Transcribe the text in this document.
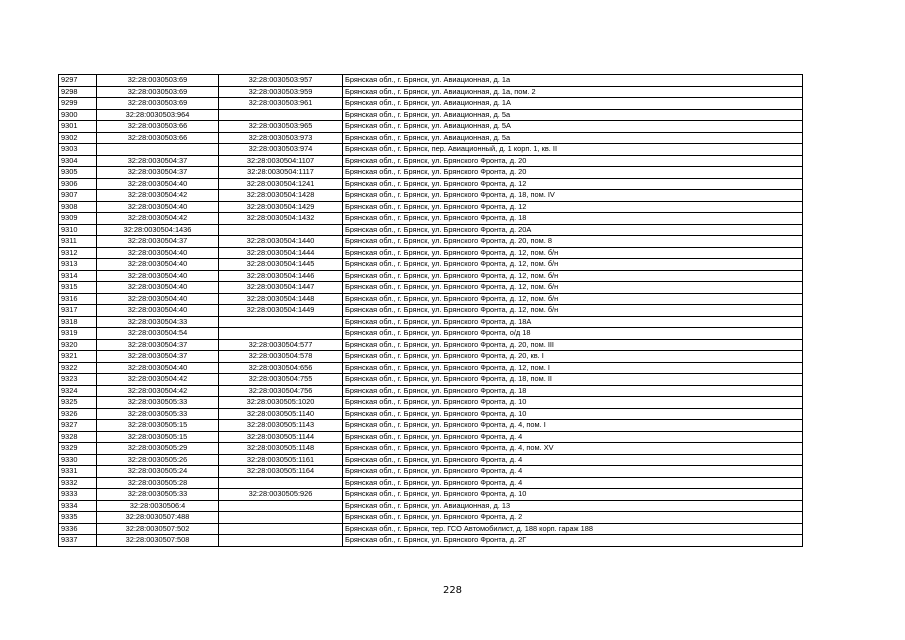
9297	32:28:0030503:69	32:28:0030503:957	Брянская обл., г. Брянск, ул. Авиационная, д. 1а
9298	32:28:0030503:69	32:28:0030503:959	Брянская обл., г. Брянск, ул. Авиационная, д. 1а, пом. 2
9299	32:28:0030503:69	32:28:0030503:961	Брянская обл., г. Брянск, ул. Авиационная, д. 1А
9300	32:28:0030503:964		Брянская обл., г. Брянск, ул. Авиационная, д. 5а
9301	32:28:0030503:66	32:28:0030503:965	Брянская обл., г. Брянск, ул. Авиационная, д. 5А
9302	32:28:0030503:66	32:28:0030503:973	Брянская обл., г. Брянск, ул. Авиационная, д. 5а
9303		32:28:0030503:974	Брянская обл., г. Брянск, пер. Авиационный, д. 1 корп. 1, кв. II
9304	32:28:0030504:37	32:28:0030504:1107	Брянская обл., г. Брянск, ул. Брянского Фронта, д. 20
9305	32:28:0030504:37	32:28:0030504:1117	Брянская обл., г. Брянск, ул. Брянского Фронта, д. 20
9306	32:28:0030504:40	32:28:0030504:1241	Брянская обл., г. Брянск, ул. Брянского Фронта, д. 12
9307	32:28:0030504:42	32:28:0030504:1428	Брянская обл., г. Брянск, ул. Брянского Фронта, д. 18, пом. IV
9308	32:28:0030504:40	32:28:0030504:1429	Брянская обл., г. Брянск, ул. Брянского Фронта, д. 12
9309	32:28:0030504:42	32:28:0030504:1432	Брянская обл., г. Брянск, ул. Брянского Фронта, д. 18
9310	32:28:0030504:1436		Брянская обл., г. Брянск, ул. Брянского Фронта, д. 20А
9311	32:28:0030504:37	32:28:0030504:1440	Брянская обл., г. Брянск, ул. Брянского Фронта, д. 20, пом. 8
9312	32:28:0030504:40	32:28:0030504:1444	Брянская обл., г. Брянск, ул. Брянского Фронта, д. 12, пом. б/н
9313	32:28:0030504:40	32:28:0030504:1445	Брянская обл., г. Брянск, ул. Брянского Фронта, д. 12, пом. б/н
9314	32:28:0030504:40	32:28:0030504:1446	Брянская обл., г. Брянск, ул. Брянского Фронта, д. 12, пом. б/н
9315	32:28:0030504:40	32:28:0030504:1447	Брянская обл., г. Брянск, ул. Брянского Фронта, д. 12, пом. б/н
9316	32:28:0030504:40	32:28:0030504:1448	Брянская обл., г. Брянск, ул. Брянского Фронта, д. 12, пом. б/н
9317	32:28:0030504:40	32:28:0030504:1449	Брянская обл., г. Брянск, ул. Брянского Фронта, д. 12, пом. б/н
9318	32:28:0030504:33		Брянская обл., г. Брянск, ул. Брянского Фронта, д. 18А
9319	32:28:0030504:54		Брянская обл., г. Брянск, ул. Брянского Фронта, о/д 18
9320	32:28:0030504:37	32:28:0030504:577	Брянская обл., г. Брянск, ул. Брянского Фронта, д. 20, пом. III
9321	32:28:0030504:37	32:28:0030504:578	Брянская обл., г. Брянск, ул. Брянского Фронта, д. 20, кв. I
9322	32:28:0030504:40	32:28:0030504:656	Брянская обл., г. Брянск, ул. Брянского Фронта, д. 12, пом. I
9323	32:28:0030504:42	32:28:0030504:755	Брянская обл., г. Брянск, ул. Брянского Фронта, д. 18, пом. II
9324	32:28:0030504:42	32:28:0030504:756	Брянская обл., г. Брянск, ул. Брянского Фронта, д. 18
9325	32:28:0030505:33	32:28:0030505:1020	Брянская обл., г. Брянск, ул. Брянского Фронта, д. 10
9326	32:28:0030505:33	32:28:0030505:1140	Брянская обл., г. Брянск, ул. Брянского Фронта, д. 10
9327	32:28:0030505:15	32:28:0030505:1143	Брянская обл., г. Брянск, ул. Брянского Фронта, д. 4, пом. I
9328	32:28:0030505:15	32:28:0030505:1144	Брянская обл., г. Брянск, ул. Брянского Фронта, д. 4
9329	32:28:0030505:29	32:28:0030505:1148	Брянская обл., г. Брянск, ул. Брянского Фронта, д. 4, пом. XV
9330	32:28:0030505:26	32:28:0030505:1161	Брянская обл., г. Брянск, ул. Брянского Фронта, д. 4
9331	32:28:0030505:24	32:28:0030505:1164	Брянская обл., г. Брянск, ул. Брянского Фронта, д. 4
9332	32:28:0030505:28		Брянская обл., г. Брянск, ул. Брянского Фронта, д. 4
9333	32:28:0030505:33	32:28:0030505:926	Брянская обл., г. Брянск, ул. Брянского Фронта, д. 10
9334	32:28:0030506:4		Брянская обл., г. Брянск, ул. Авиационная, д. 13
9335	32:28:0030507:488		Брянская обл., г. Брянск, ул. Брянского Фронта, д. 2
9336	32:28:0030507:502		Брянская обл., г. Брянск, тер. ГСО Автомобилист, д. 188 корп. гараж 188
9337	32:28:0030507:508		Брянская обл., г. Брянск, ул. Брянского Фронта, д. 2Г
228
